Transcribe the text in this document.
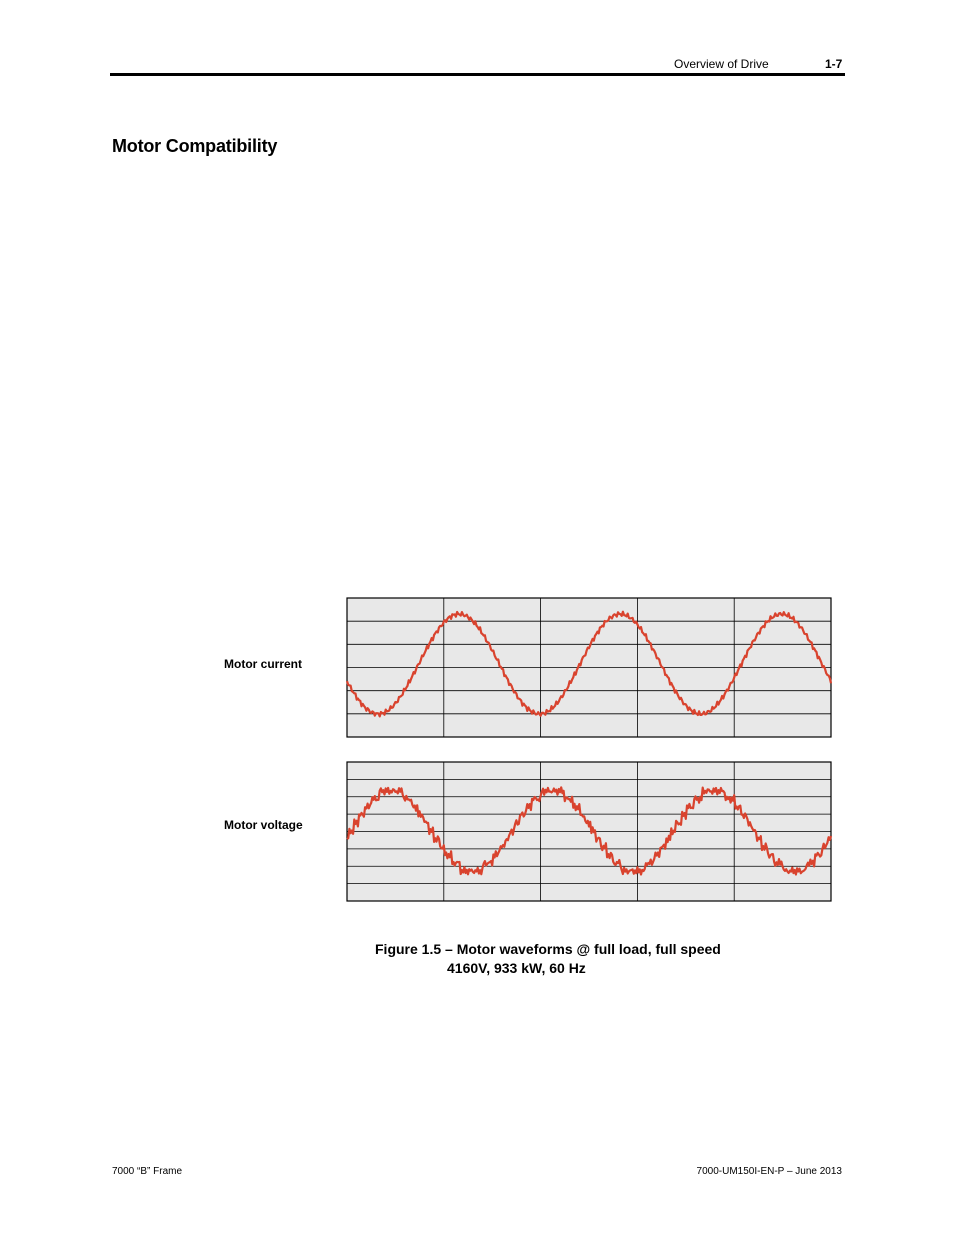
Overview of Drive	1-7
Motor Compatibility
Motor current
Motor voltage
Figure 1.5 – Motor waveforms @ full load, full speed
4160V, 933 kW, 60 Hz
7000 “B” Frame	7000-UM150I-EN-P – June 2013
